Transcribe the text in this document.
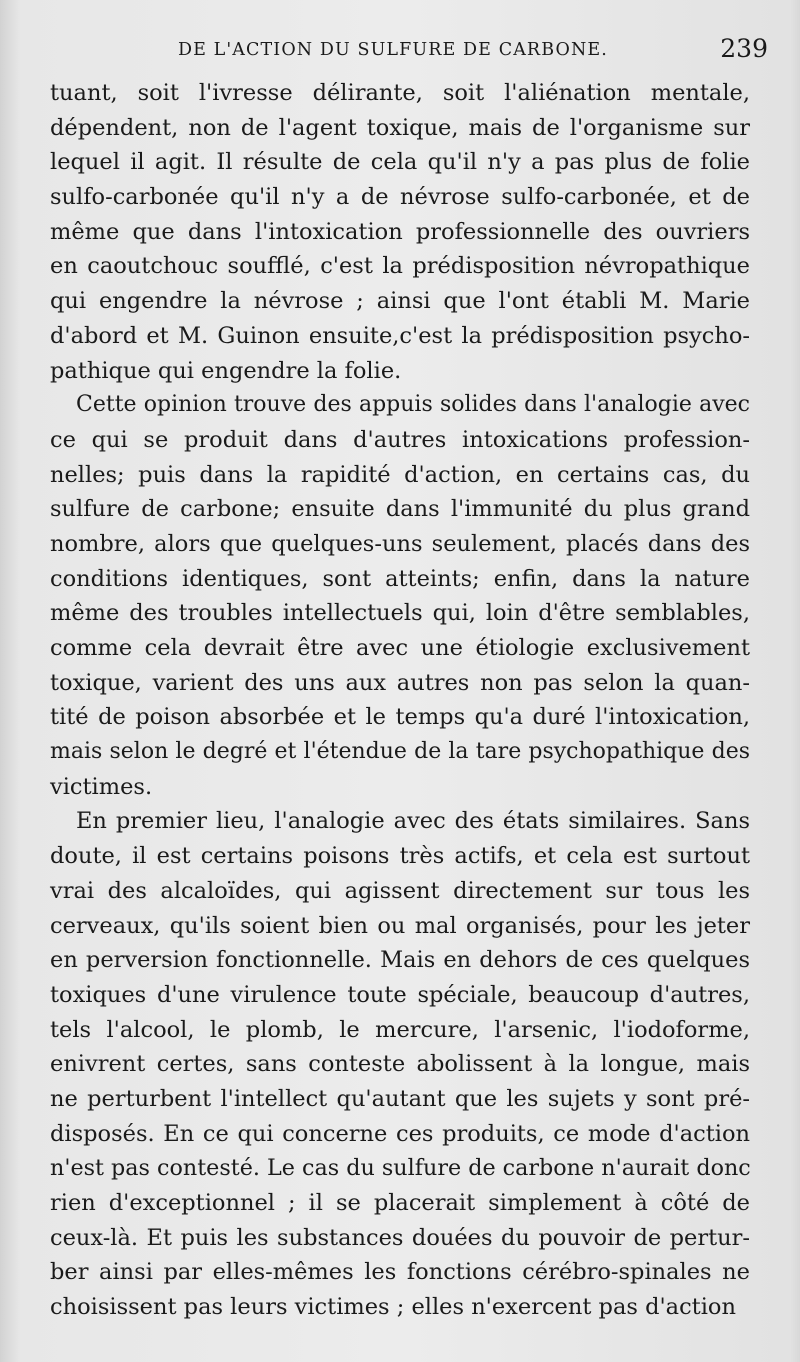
DE L'ACTION DU SULFURE DE CARBONE.	239
tuant, soit l'ivresse délirante, soit l'aliénation mentale,
dépendent, non de l'agent toxique, mais de l'organisme sur
lequel il agit. Il résulte de cela qu'il n'y a pas plus de folie
sulfo-carbonée qu'il n'y a de névrose sulfo-carbonée, et de
même que dans l'intoxication professionnelle des ouvriers
en caoutchouc soufflé, c'est la prédisposition névropathique
qui engendre la névrose ; ainsi que l'ont établi M. Marie
d'abord et M. Guinon ensuite,c'est la prédisposition psycho-
pathique qui engendre la folie.
Cette opinion trouve des appuis solides dans l'analogie avec
ce qui se produit dans d'autres intoxications profession-
nelles; puis dans la rapidité d'action, en certains cas, du
sulfure de carbone; ensuite dans l'immunité du plus grand
nombre, alors que quelques-uns seulement, placés dans des
conditions identiques, sont atteints; enfin, dans la nature
même des troubles intellectuels qui, loin d'être semblables,
comme cela devrait être avec une étiologie exclusivement
toxique, varient des uns aux autres non pas selon la quan-
tité de poison absorbée et le temps qu'a duré l'intoxication,
mais selon le degré et l'étendue de la tare psychopathique des
victimes.
En premier lieu, l'analogie avec des états similaires. Sans
doute, il est certains poisons très actifs, et cela est surtout
vrai des alcaloïdes, qui agissent directement sur tous les
cerveaux, qu'ils soient bien ou mal organisés, pour les jeter
en perversion fonctionnelle. Mais en dehors de ces quelques
toxiques d'une virulence toute spéciale, beaucoup d'autres,
tels l'alcool, le plomb, le mercure, l'arsenic, l'iodoforme,
enivrent certes, sans conteste abolissent à la longue, mais
ne perturbent l'intellect qu'autant que les sujets y sont pré-
disposés. En ce qui concerne ces produits, ce mode d'action
n'est pas contesté. Le cas du sulfure de carbone n'aurait donc
rien d'exceptionnel ; il se placerait simplement à côté de
ceux-là. Et puis les substances douées du pouvoir de pertur-
ber ainsi par elles-mêmes les fonctions cérébro-spinales ne
choisissent pas leurs victimes ; elles n'exercent pas d'action
